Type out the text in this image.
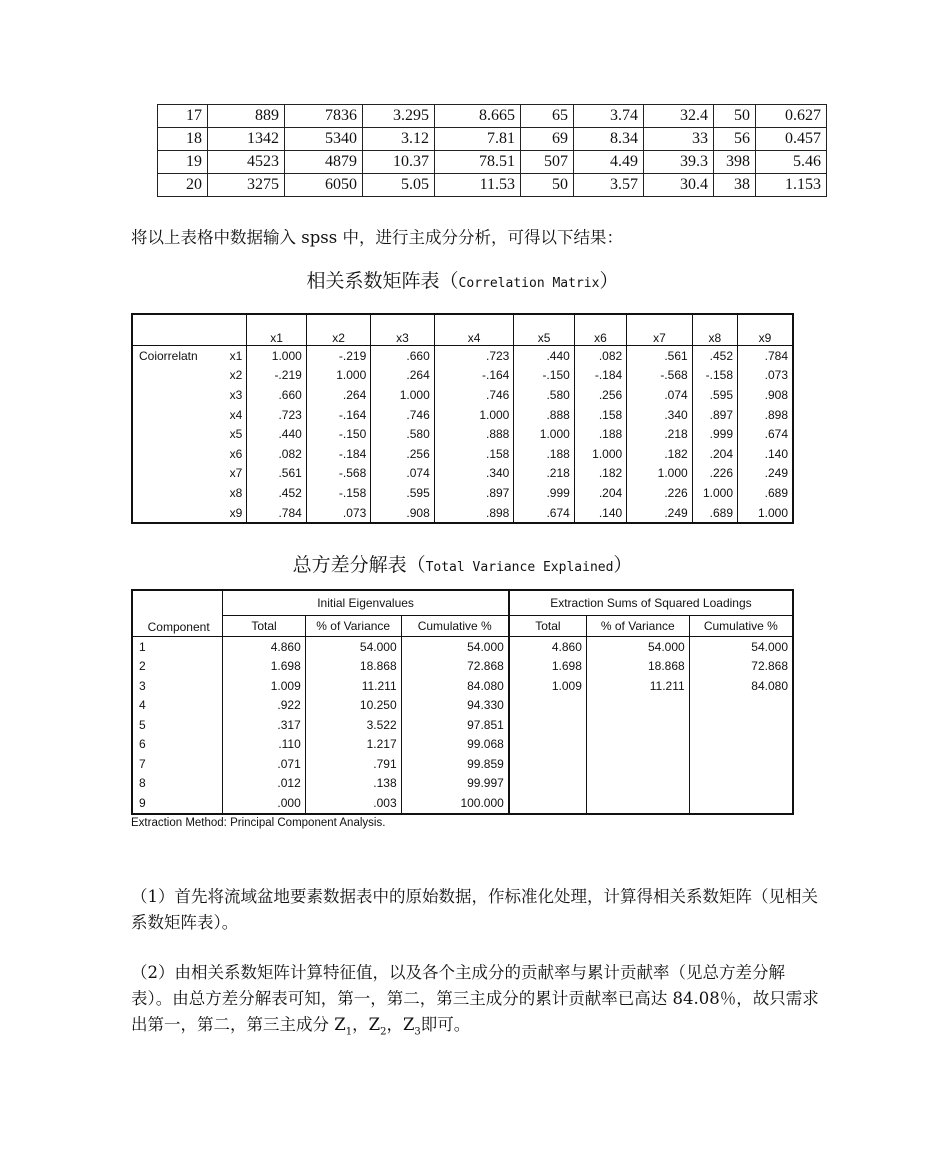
17	889	7836	3.295	8.665	65	3.74	32.4	50	0.627
18	1342	5340	3.12	7.81	69	8.34	33	56	0.457
19	4523	4879	10.37	78.51	507	4.49	39.3	398	5.46
20	3275	6050	5.05	11.53	50	3.57	30.4	38	1.153

将以上表格中数据输入 spss 中，进行主成分分析，可得以下结果：

相关系数矩阵表（Correlation Matrix）

		x1	x2	x3	x4	x5	x6	x7	x8	x9
Coiorrelatn	x1	1.000	-.219	.660	.723	.440	.082	.561	.452	.784
	x2	-.219	1.000	.264	-.164	-.150	-.184	-.568	-.158	.073
	x3	.660	.264	1.000	.746	.580	.256	.074	.595	.908
	x4	.723	-.164	.746	1.000	.888	.158	.340	.897	.898
	x5	.440	-.150	.580	.888	1.000	.188	.218	.999	.674
	x6	.082	-.184	.256	.158	.188	1.000	.182	.204	.140
	x7	.561	-.568	.074	.340	.218	.182	1.000	.226	.249
	x8	.452	-.158	.595	.897	.999	.204	.226	1.000	.689
	x9	.784	.073	.908	.898	.674	.140	.249	.689	1.000

总方差分解表（Total Variance Explained）

Component	Initial Eigenvalues			Extraction Sums of Squared Loadings		
	Total	% of Variance	Cumulative %	Total	% of Variance	Cumulative %
1	4.860	54.000	54.000	4.860	54.000	54.000
2	1.698	18.868	72.868	1.698	18.868	72.868
3	1.009	11.211	84.080	1.009	11.211	84.080
4	.922	10.250	94.330			
5	.317	3.522	97.851			
6	.110	1.217	99.068			
7	.071	.791	99.859			
8	.012	.138	99.997			
9	.000	.003	100.000			
Extraction Method: Principal Component Analysis.

（1）首先将流域盆地要素数据表中的原始数据，作标准化处理，计算得相关系数矩阵（见相关系数矩阵表）。

（2）由相关系数矩阵计算特征值，以及各个主成分的贡献率与累计贡献率（见总方差分解表）。由总方差分解表可知，第一，第二，第三主成分的累计贡献率已高达 84.08％，故只需求出第一，第二，第三主成分 $Z_1$，$Z_2$，$Z_3$即可。
